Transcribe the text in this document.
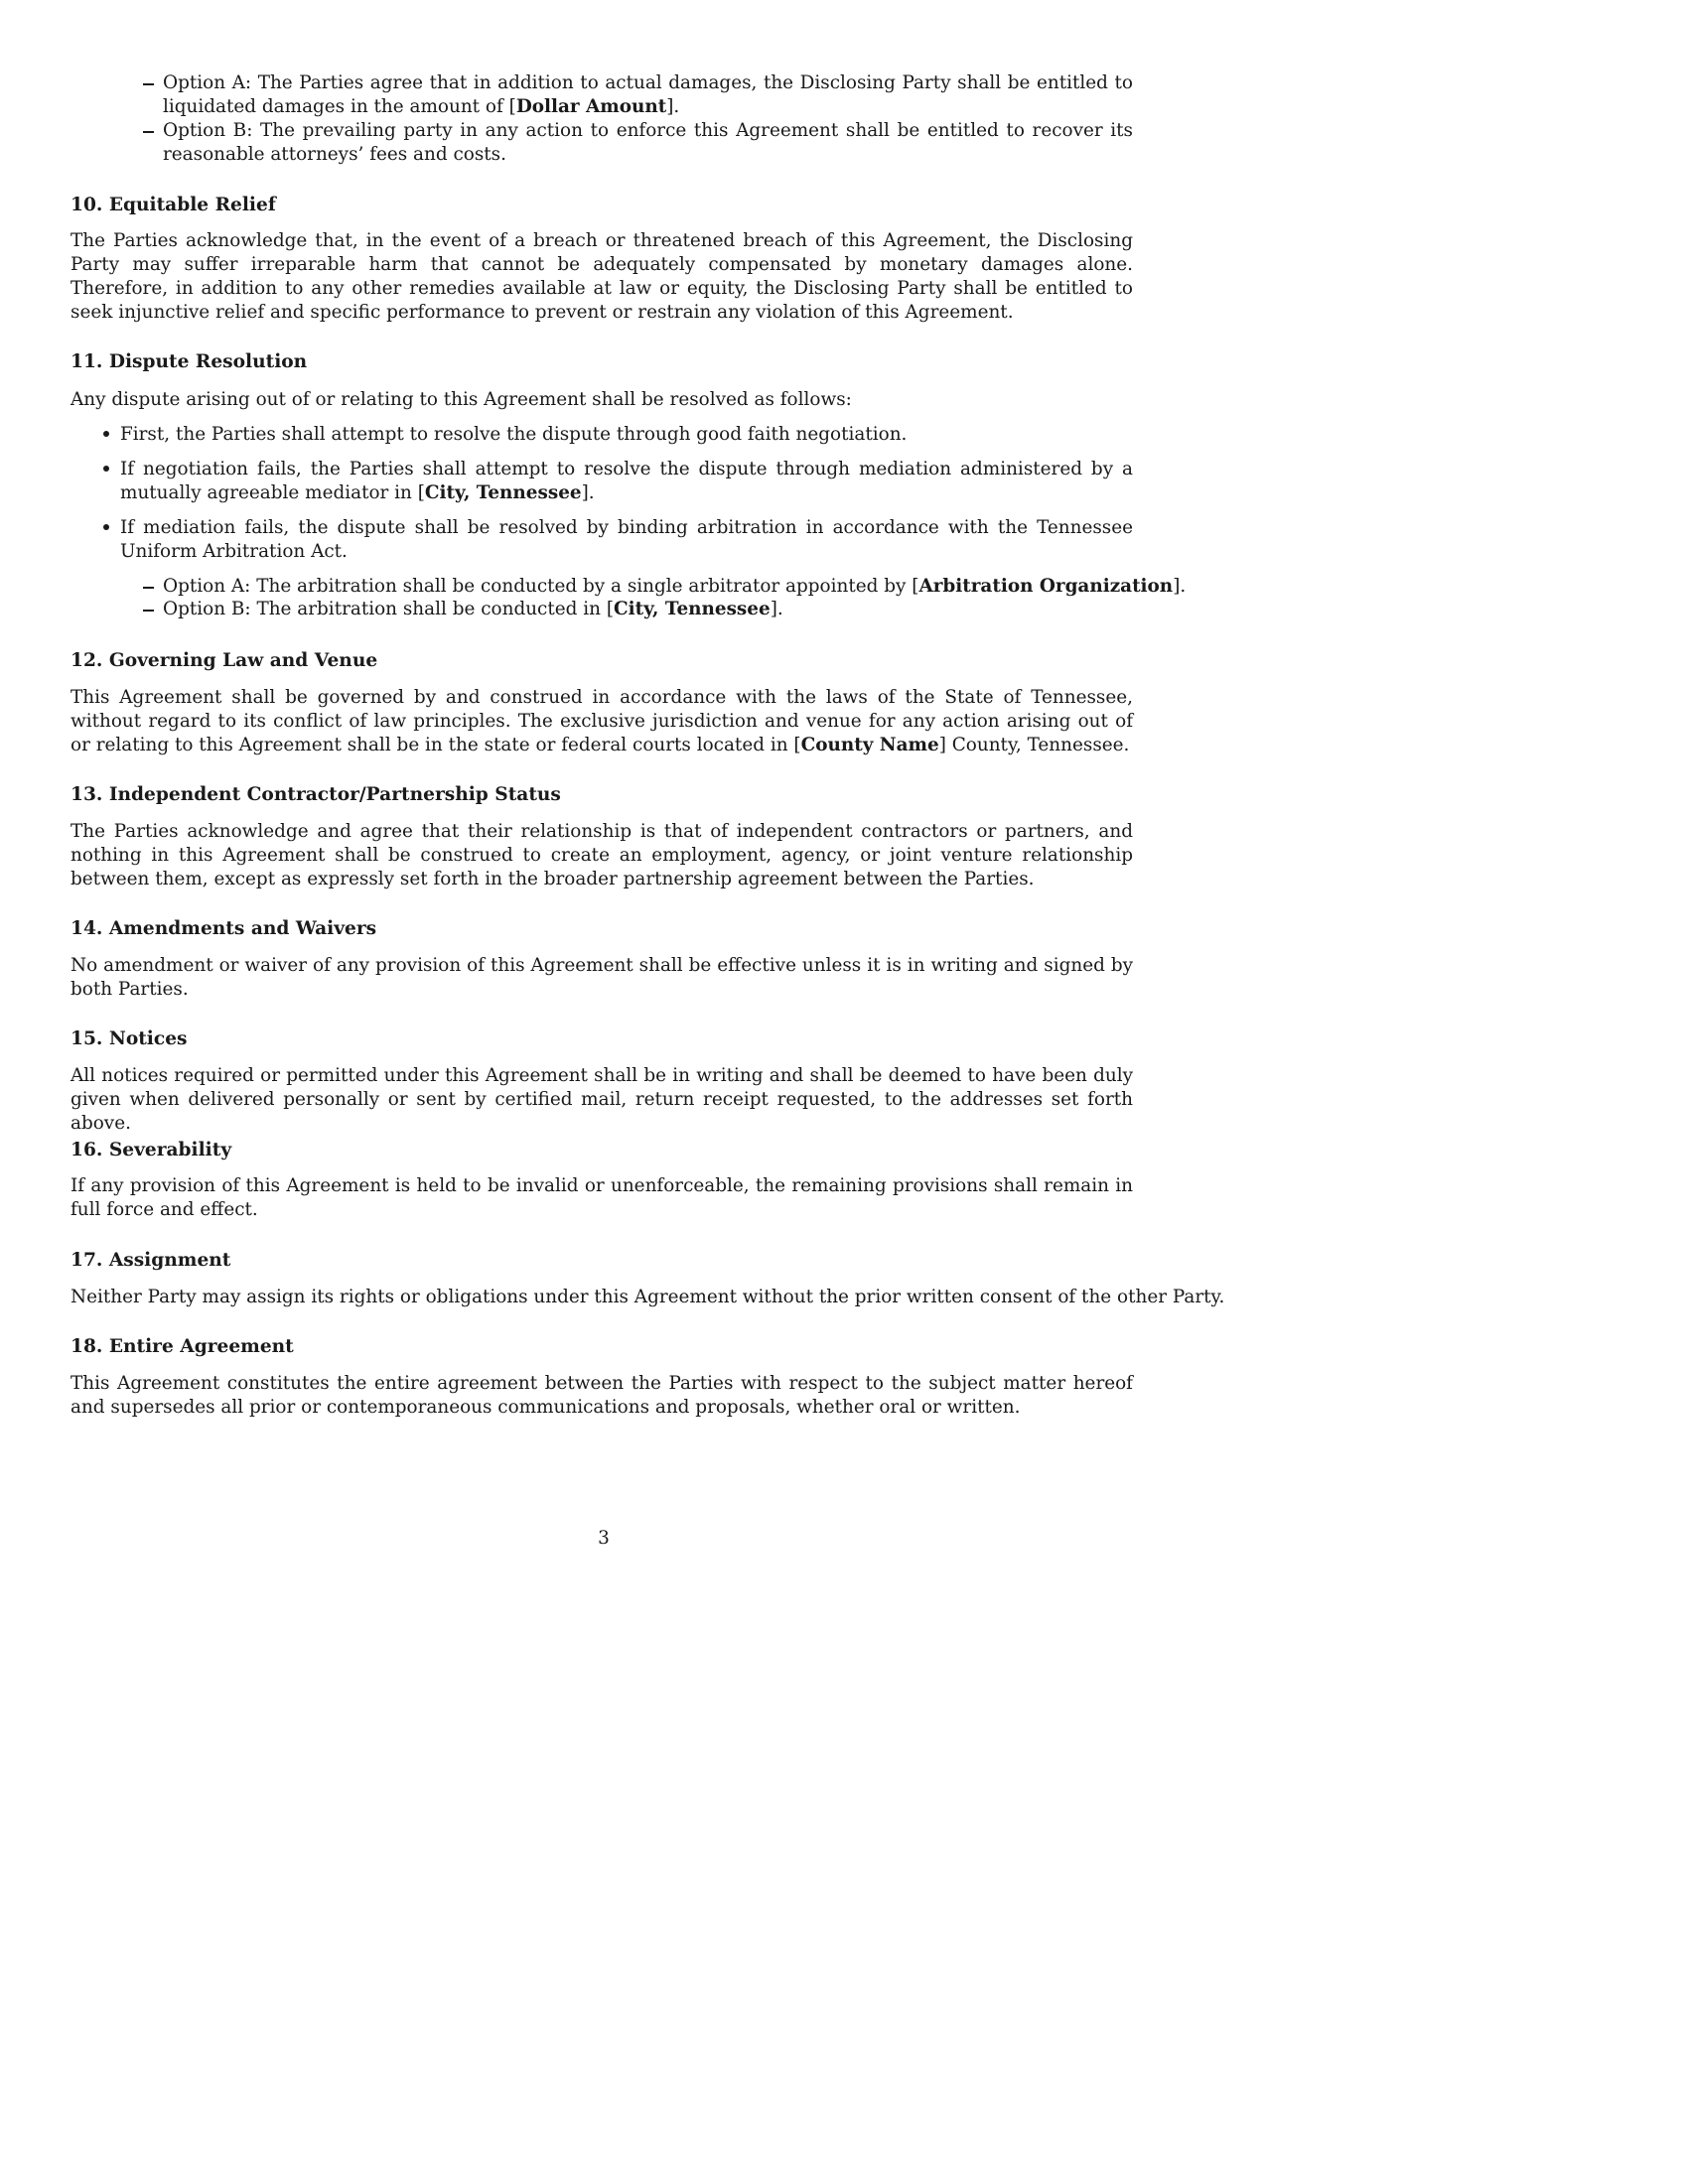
Option A: The Parties agree that in addition to actual damages, the Disclosing Party shall be entitled to liquidated damages in the amount of [Dollar Amount].
Option B: The prevailing party in any action to enforce this Agreement shall be entitled to recover its reasonable attorneys’ fees and costs.
10. Equitable Relief
The Parties acknowledge that, in the event of a breach or threatened breach of this Agreement, the Disclosing Party may suffer irreparable harm that cannot be adequately compensated by monetary damages alone. Therefore, in addition to any other remedies available at law or equity, the Disclosing Party shall be entitled to seek injunctive relief and specific performance to prevent or restrain any violation of this Agreement.
11. Dispute Resolution
Any dispute arising out of or relating to this Agreement shall be resolved as follows:
First, the Parties shall attempt to resolve the dispute through good faith negotiation.
If negotiation fails, the Parties shall attempt to resolve the dispute through mediation administered by a mutually agreeable mediator in [City, Tennessee].
If mediation fails, the dispute shall be resolved by binding arbitration in accordance with the Tennessee Uniform Arbitration Act.
Option A: The arbitration shall be conducted by a single arbitrator appointed by [Arbitration Organization].
Option B: The arbitration shall be conducted in [City, Tennessee].
12. Governing Law and Venue
This Agreement shall be governed by and construed in accordance with the laws of the State of Tennessee, without regard to its conflict of law principles. The exclusive jurisdiction and venue for any action arising out of or relating to this Agreement shall be in the state or federal courts located in [County Name] County, Tennessee.
13. Independent Contractor/Partnership Status
The Parties acknowledge and agree that their relationship is that of independent contractors or partners, and nothing in this Agreement shall be construed to create an employment, agency, or joint venture relationship between them, except as expressly set forth in the broader partnership agreement between the Parties.
14. Amendments and Waivers
No amendment or waiver of any provision of this Agreement shall be effective unless it is in writing and signed by both Parties.
15. Notices
All notices required or permitted under this Agreement shall be in writing and shall be deemed to have been duly given when delivered personally or sent by certified mail, return receipt requested, to the addresses set forth above.
16. Severability
If any provision of this Agreement is held to be invalid or unenforceable, the remaining provisions shall remain in full force and effect.
17. Assignment
Neither Party may assign its rights or obligations under this Agreement without the prior written consent of the other Party.
18. Entire Agreement
This Agreement constitutes the entire agreement between the Parties with respect to the subject matter hereof and supersedes all prior or contemporaneous communications and proposals, whether oral or written.
3
